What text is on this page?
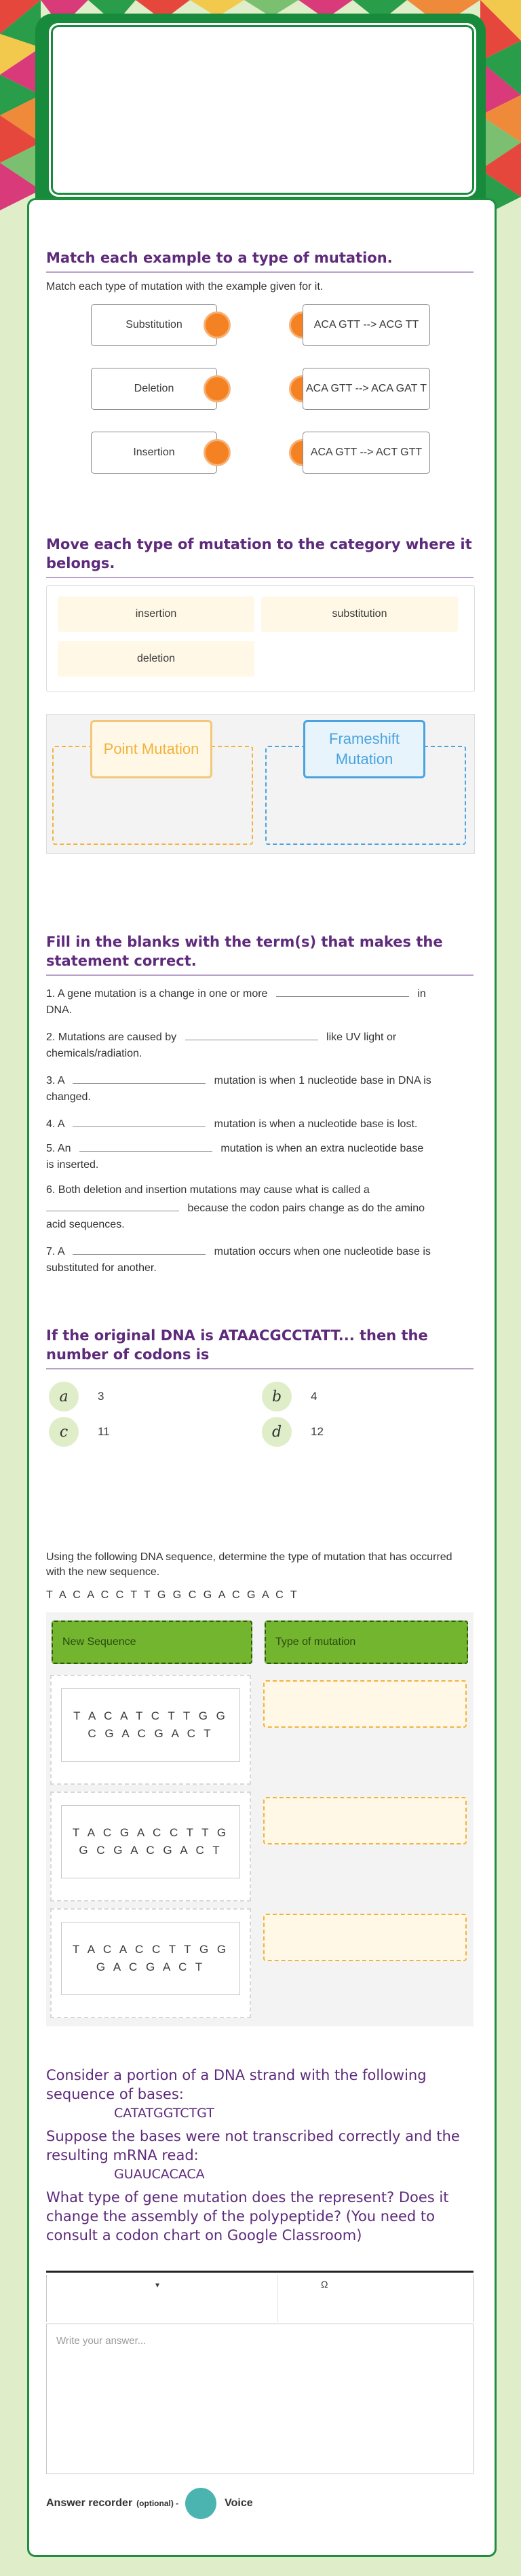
Match each example to a type of mutation.
Match each type of mutation with the example given for it.
Substitution	ACA GTT --> ACG TT
Deletion	ACA GTT --> ACA GAT T
Insertion	ACA GTT --> ACT GTT
Move each type of mutation to the category where it belongs.
insertion	substitution
deletion
Point Mutation
Frameshift Mutation
Fill in the blanks with the term(s) that makes the statement correct.
1. A gene mutation is a change in one or more	in
DNA.
2. Mutations are caused by	like UV light or
chemicals/radiation.
3. A	mutation is when 1 nucleotide base in DNA is
changed.
4. A	mutation is when a nucleotide base is lost.
5. An	mutation is when an extra nucleotide base
is inserted.
6. Both deletion and insertion mutations may cause what is called a
because the codon pairs change as do the amino
acid sequences.
7. A	mutation occurs when one nucleotide base is
substituted for another.
If the original DNA is ATAACGCCTATT... then the number of codons is
a	3	b	4
c	11	d	12
Using the following DNA sequence, determine the type of mutation that has occurred with the new sequence.
T A C A C C T T G G C G A C G A C T
New Sequence	Type of mutation
T A C A T C T T G G C G A C G A C T
T A C G A C C T T G G C G A C G A C T
T A C A C C T T G G G A C G A C T
Consider a portion of a DNA strand with the following sequence of bases:
CATATGGTCTGT
Suppose the bases were not transcribed correctly and the resulting mRNA read:
GUAUCACACA
What type of gene mutation does the represent? Does it change the assembly of the polypeptide? (You need to consult a codon chart on Google Classroom)
▾	Ω
Write your answer...
Answer recorder (optional) -	Voice
